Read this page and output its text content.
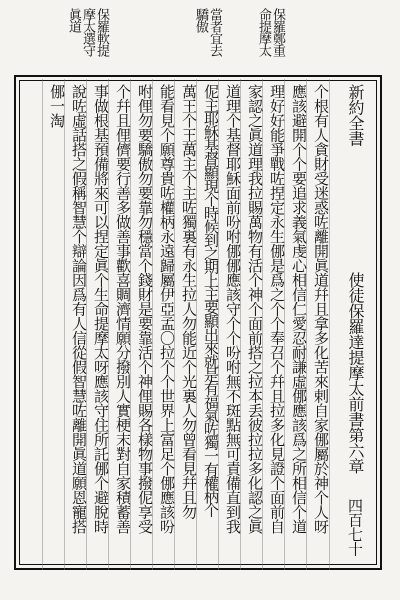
保羅軟提
摩太選守
眞道	當者宜去
驕傲	保羅鄭重
命提摩太
新約全書
使徒保羅達提摩太前書第六章
四百七十
个根有人貪財受迷惑咗離開眞道幷且拿多化苦來剌自家㑚屬於神个人呀
應該避開个个要追求義氣虔心相信仁愛忍耐謙虛㑚應該爲之所相信个道
理好好能爭戰咗捏定永生㑚是爲之个个奉召个幷且拉多化見證个面前自
家認之眞道理我拉賜萬物有活个神个面前搭之拉本丢彼拉拉多化認之眞
道理个基督耶穌面前吩咐㑚㑚應該守个个吩咐無不斑點無可責備直到我
伲主耶穌基督顯現个時候到之期上主要顯出來就是有福氣咗獨一有權柄个
萬王个王萬主个主咗獨裏有永生拉人勿能近个光裏人勿曾看見幷且勿
能看見个願尊貴咗權柄永遠歸屬伊亞孟〇拉个个世界上富足个㑚應該吩
咐俚勿要驕傲勿要靠勿穩當个錢財是要靠活个神俚賜各樣物事撥伲享受
个幷且俚儕要行善多做善事歡喜賙濟情願分撥別人實梗末對自家積蓄善
事做根基預備將來可以捏定眞个生命提摩太呀應該守住所託㑚个避脫時
說咗虛話搭之假稱智慧个辯論因爲有人信從假智慧咗離開眞道願恩寵搭
㑚一淘
